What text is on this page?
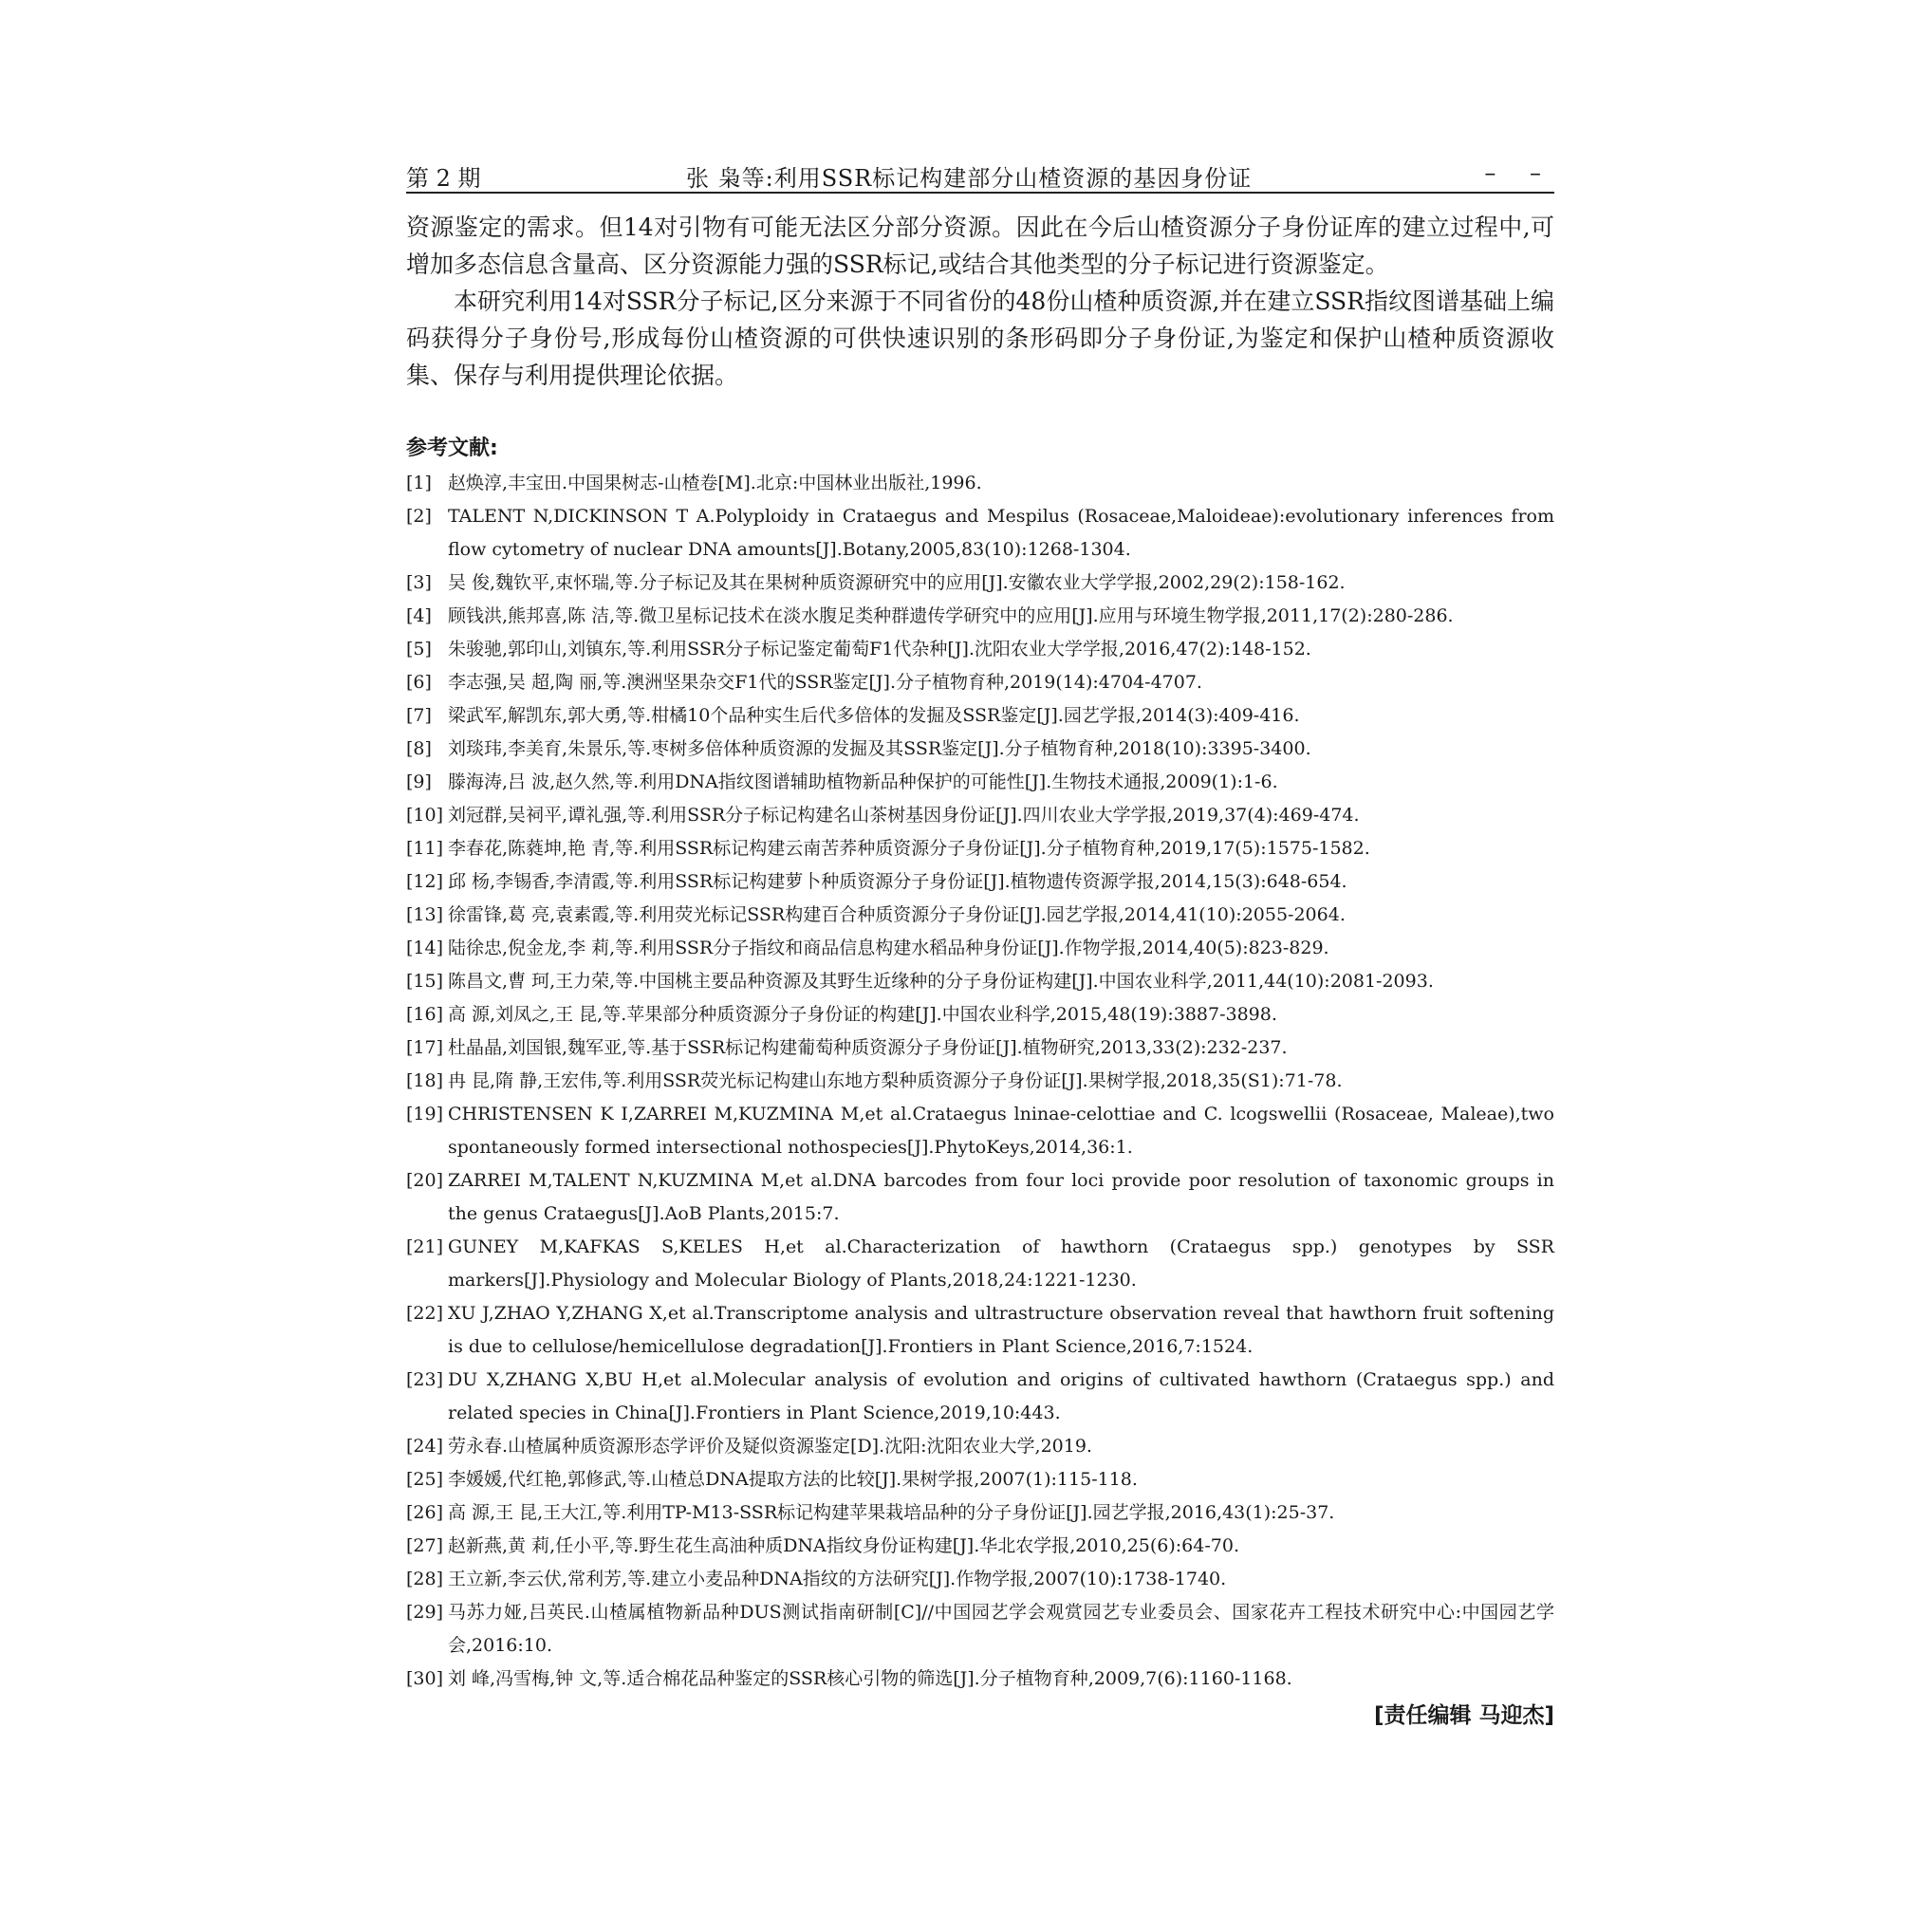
第 2 期	张 枭等:利用SSR标记构建部分山楂资源的基因身份证	– –

资源鉴定的需求。但14对引物有可能无法区分部分资源。因此在今后山楂资源分子身份证库的建立过程中,可增加多态信息含量高、区分资源能力强的SSR标记,或结合其他类型的分子标记进行资源鉴定。

本研究利用14对SSR分子标记,区分来源于不同省份的48份山楂种质资源,并在建立SSR指纹图谱基础上编码获得分子身份号,形成每份山楂资源的可供快速识别的条形码即分子身份证,为鉴定和保护山楂种质资源收集、保存与利用提供理论依据。

参考文献:
[1] 赵焕淳,丰宝田.中国果树志-山楂卷[M].北京:中国林业出版社,1996.
[2] TALENT N,DICKINSON T A.Polyploidy in Crataegus and Mespilus (Rosaceae,Maloideae):evolutionary inferences from flow cytometry of nuclear DNA amounts[J].Botany,2005,83(10):1268-1304.
[3] 吴 俊,魏钦平,束怀瑞,等.分子标记及其在果树种质资源研究中的应用[J].安徽农业大学学报,2002,29(2):158-162.
[4] 顾钱洪,熊邦喜,陈 洁,等.微卫星标记技术在淡水腹足类种群遗传学研究中的应用[J].应用与环境生物学报,2011,17(2):280-286.
[5] 朱骏驰,郭印山,刘镇东,等.利用SSR分子标记鉴定葡萄F1代杂种[J].沈阳农业大学学报,2016,47(2):148-152.
[6] 李志强,吴 超,陶 丽,等.澳洲坚果杂交F1代的SSR鉴定[J].分子植物育种,2019(14):4704-4707.
[7] 梁武军,解凯东,郭大勇,等.柑橘10个品种实生后代多倍体的发掘及SSR鉴定[J].园艺学报,2014(3):409-416.
[8] 刘琰玮,李美育,朱景乐,等.枣树多倍体种质资源的发掘及其SSR鉴定[J].分子植物育种,2018(10):3395-3400.
[9] 滕海涛,吕 波,赵久然,等.利用DNA指纹图谱辅助植物新品种保护的可能性[J].生物技术通报,2009(1):1-6.
[10] 刘冠群,吴祠平,谭礼强,等.利用SSR分子标记构建名山茶树基因身份证[J].四川农业大学学报,2019,37(4):469-474.
[11] 李春花,陈蕤坤,艳 青,等.利用SSR标记构建云南苦荞种质资源分子身份证[J].分子植物育种,2019,17(5):1575-1582.
[12] 邱 杨,李锡香,李清霞,等.利用SSR标记构建萝卜种质资源分子身份证[J].植物遗传资源学报,2014,15(3):648-654.
[13] 徐雷锋,葛 亮,袁素霞,等.利用荧光标记SSR构建百合种质资源分子身份证[J].园艺学报,2014,41(10):2055-2064.
[14] 陆徐忠,倪金龙,李 莉,等.利用SSR分子指纹和商品信息构建水稻品种身份证[J].作物学报,2014,40(5):823-829.
[15] 陈昌文,曹 珂,王力荣,等.中国桃主要品种资源及其野生近缘种的分子身份证构建[J].中国农业科学,2011,44(10):2081-2093.
[16] 高 源,刘凤之,王 昆,等.苹果部分种质资源分子身份证的构建[J].中国农业科学,2015,48(19):3887-3898.
[17] 杜晶晶,刘国银,魏军亚,等.基于SSR标记构建葡萄种质资源分子身份证[J].植物研究,2013,33(2):232-237.
[18] 冉 昆,隋 静,王宏伟,等.利用SSR荧光标记构建山东地方梨种质资源分子身份证[J].果树学报,2018,35(S1):71-78.
[19] CHRISTENSEN K I,ZARREI M,KUZMINA M,et al.Crataegus lninae-celottiae and C. lcogswellii (Rosaceae, Maleae),two spontaneously formed intersectional nothospecies[J].PhytoKeys,2014,36:1.
[20] ZARREI M,TALENT N,KUZMINA M,et al.DNA barcodes from four loci provide poor resolution of taxonomic groups in the genus Crataegus[J].AoB Plants,2015:7.
[21] GUNEY M,KAFKAS S,KELES H,et al.Characterization of hawthorn (Crataegus spp.) genotypes by SSR markers[J].Physiology and Molecular Biology of Plants,2018,24:1221-1230.
[22] XU J,ZHAO Y,ZHANG X,et al.Transcriptome analysis and ultrastructure observation reveal that hawthorn fruit softening is due to cellulose/hemicellulose degradation[J].Frontiers in Plant Science,2016,7:1524.
[23] DU X,ZHANG X,BU H,et al.Molecular analysis of evolution and origins of cultivated hawthorn (Crataegus spp.) and related species in China[J].Frontiers in Plant Science,2019,10:443.
[24] 劳永春.山楂属种质资源形态学评价及疑似资源鉴定[D].沈阳:沈阳农业大学,2019.
[25] 李媛媛,代红艳,郭修武,等.山楂总DNA提取方法的比较[J].果树学报,2007(1):115-118.
[26] 高 源,王 昆,王大江,等.利用TP-M13-SSR标记构建苹果栽培品种的分子身份证[J].园艺学报,2016,43(1):25-37.
[27] 赵新燕,黄 莉,任小平,等.野生花生高油种质DNA指纹身份证构建[J].华北农学报,2010,25(6):64-70.
[28] 王立新,李云伏,常利芳,等.建立小麦品种DNA指纹的方法研究[J].作物学报,2007(10):1738-1740.
[29] 马苏力娅,吕英民.山楂属植物新品种DUS测试指南研制[C]//中国园艺学会观赏园艺专业委员会、国家花卉工程技术研究中心:中国园艺学会,2016:10.
[30] 刘 峰,冯雪梅,钟 文,等.适合棉花品种鉴定的SSR核心引物的筛选[J].分子植物育种,2009,7(6):1160-1168.
[责任编辑 马迎杰]
